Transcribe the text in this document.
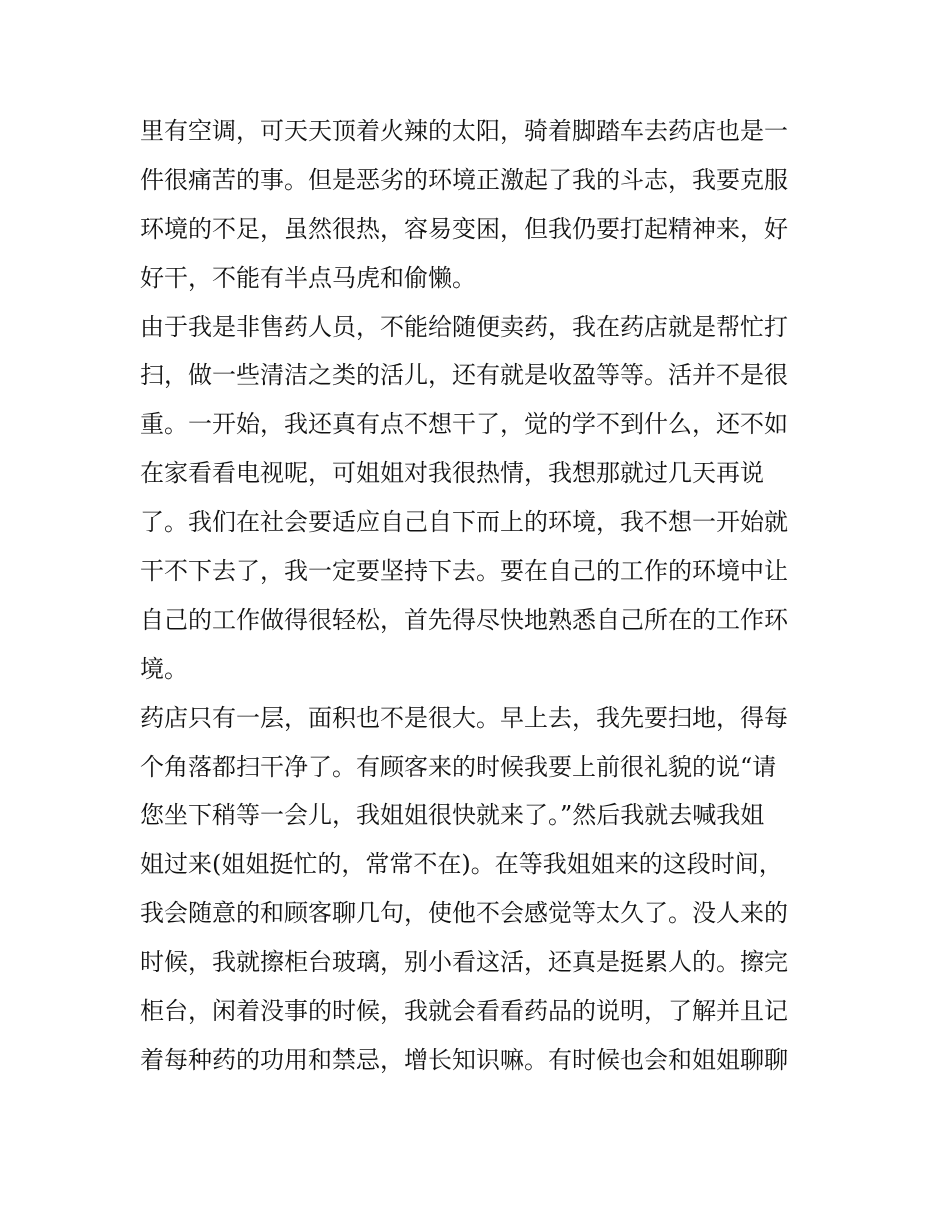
里有空调，可天天顶着火辣的太阳，骑着脚踏车去药店也是一
件很痛苦的事。但是恶劣的环境正激起了我的斗志，我要克服
环境的不足，虽然很热，容易变困，但我仍要打起精神来，好
好干，不能有半点马虎和偷懒。
由于我是非售药人员，不能给随便卖药，我在药店就是帮忙打
扫，做一些清洁之类的活儿，还有就是收盈等等。活并不是很
重。一开始，我还真有点不想干了，觉的学不到什么，还不如
在家看看电视呢，可姐姐对我很热情，我想那就过几天再说
了。我们在社会要适应自己自下而上的环境，我不想一开始就
干不下去了，我一定要坚持下去。要在自己的工作的环境中让
自己的工作做得很轻松，首先得尽快地熟悉自己所在的工作环
境。
药店只有一层，面积也不是很大。早上去，我先要扫地，得每
个角落都扫干净了。有顾客来的时候我要上前很礼貌的说“请
您坐下稍等一会儿，我姐姐很快就来了。”然后我就去喊我姐
姐过来(姐姐挺忙的，常常不在)。在等我姐姐来的这段时间，
我会随意的和顾客聊几句，使他不会感觉等太久了。没人来的
时候，我就擦柜台玻璃，别小看这活，还真是挺累人的。擦完
柜台，闲着没事的时候，我就会看看药品的说明，了解并且记
着每种药的功用和禁忌，增长知识嘛。有时候也会和姐姐聊聊
